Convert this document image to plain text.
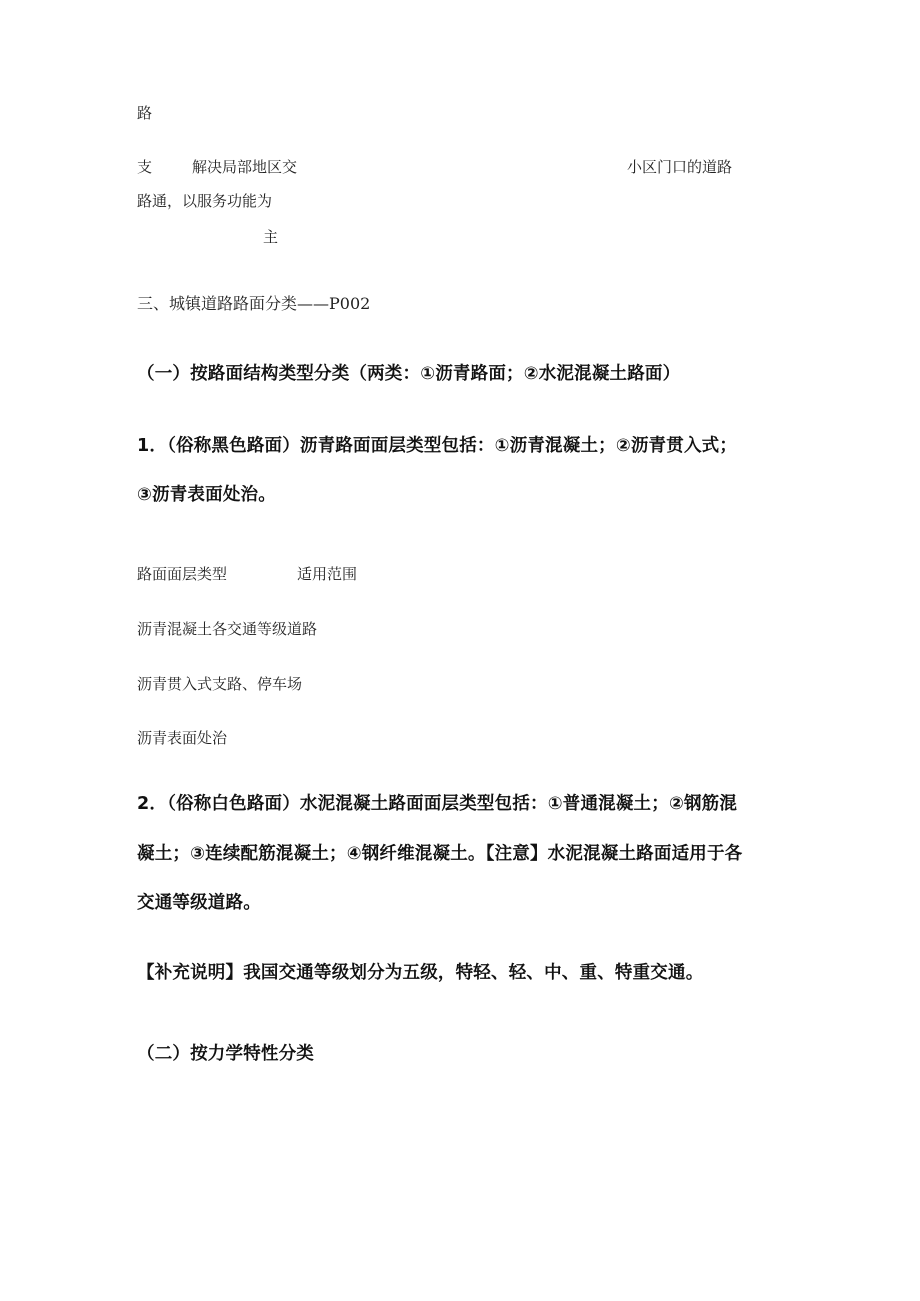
路
支	解决局部地区交
路通，以服务功能为
主
小区门口的道路
三、城镇道路路面分类——P002
（一）按路面结构类型分类（两类：①沥青路面；②水泥混凝土路面）
1．（俗称黑色路面）沥青路面面层类型包括：①沥青混凝土；②沥青贯入式；
③沥青表面处治。
路面面层类型	适用范围
沥青混凝土各交通等级道路
沥青贯入式支路、停车场
沥青表面处治
2．（俗称白色路面）水泥混凝土路面面层类型包括：①普通混凝土；②钢筋混
凝土；③连续配筋混凝土；④钢纤维混凝土。【注意】水泥混凝土路面适用于各
交通等级道路。
【补充说明】我国交通等级划分为五级，特轻、轻、中、重、特重交通。
（二）按力学特性分类
